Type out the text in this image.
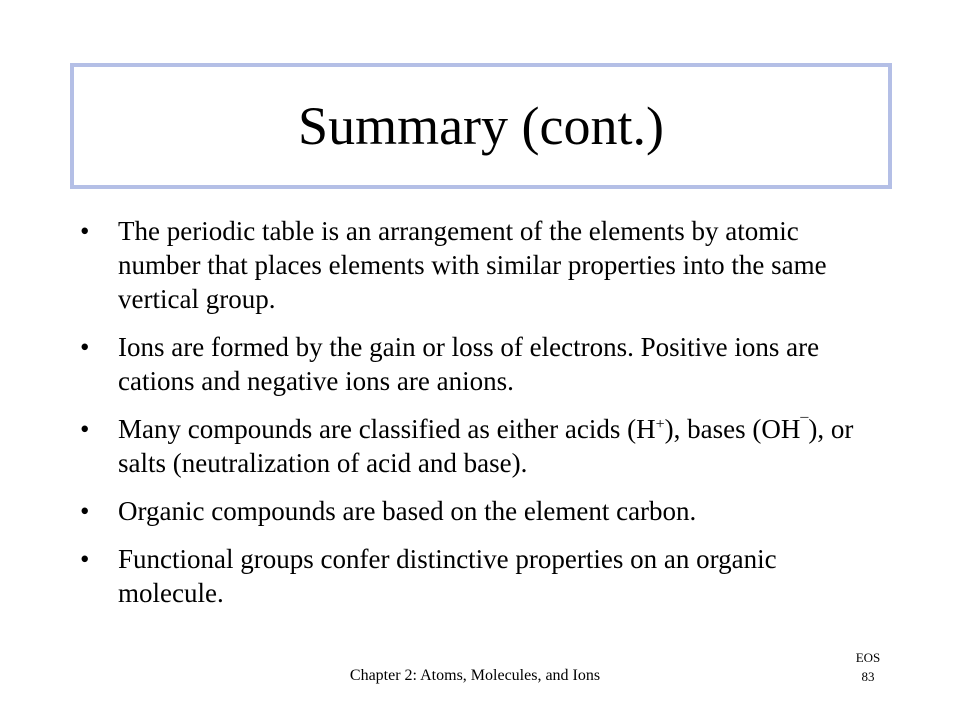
Summary (cont.)
• The periodic table is an arrangement of the elements by atomic number that places elements with similar properties into the same vertical group.
• Ions are formed by the gain or loss of electrons. Positive ions are cations and negative ions are anions.
• Many compounds are classified as either acids (H+), bases (OH¯), or salts (neutralization of acid and base).
• Organic compounds are based on the element carbon.
• Functional groups confer distinctive properties on an organic molecule.
Chapter 2: Atoms, Molecules, and Ions
EOS
83
